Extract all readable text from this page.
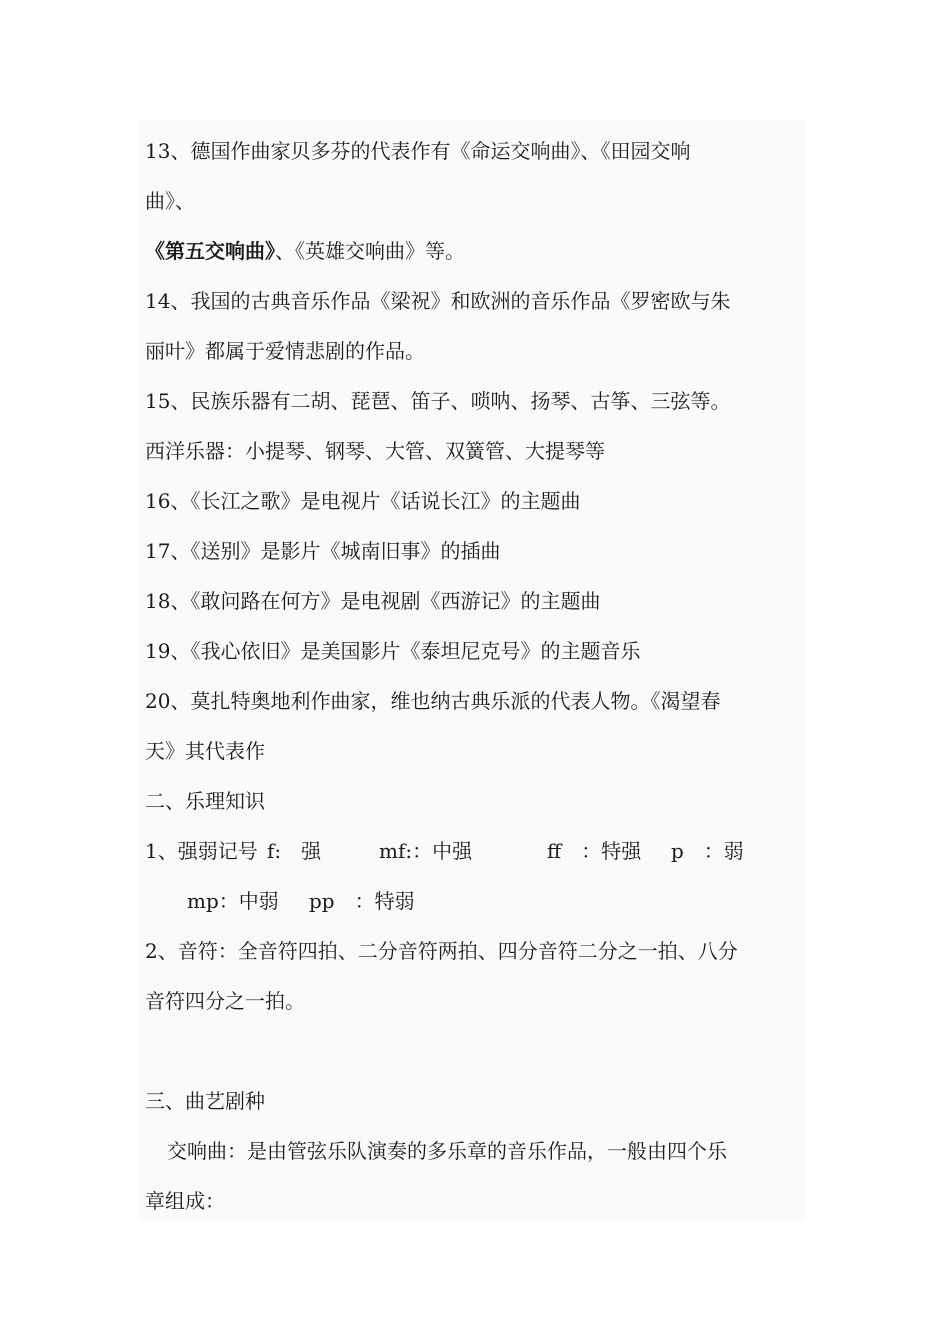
13、德国作曲家贝多芬的代表作有《命运交响曲》、《田园交响
曲》、
《第五交响曲》、《英雄交响曲》等。
14、我国的古典音乐作品《梁祝》和欧洲的音乐作品《罗密欧与朱
丽叶》都属于爱情悲剧的作品。
15、民族乐器有二胡、琵琶、笛子、唢呐、扬琴、古筝、三弦等。
西洋乐器：小提琴、钢琴、大管、双簧管、大提琴等
16、《长江之歌》是电视片《话说长江》的主题曲
17、《送别》是影片《城南旧事》的插曲
18、《敢问路在何方》是电视剧《西游记》的主题曲
19、《我心依旧》是美国影片《泰坦尼克号》的主题音乐
20、莫扎特奥地利作曲家，维也纳古典乐派的代表人物。《渴望春
天》其代表作
二、乐理知识
1、强弱记号 f:　强	mf:：中强	ff　：特强 p　：弱
mp：中弱 pp　：特弱
2、音符：全音符四拍、二分音符两拍、四分音符二分之一拍、八分
音符四分之一拍。
三、曲艺剧种
交响曲：是由管弦乐队演奏的多乐章的音乐作品，一般由四个乐
章组成：
